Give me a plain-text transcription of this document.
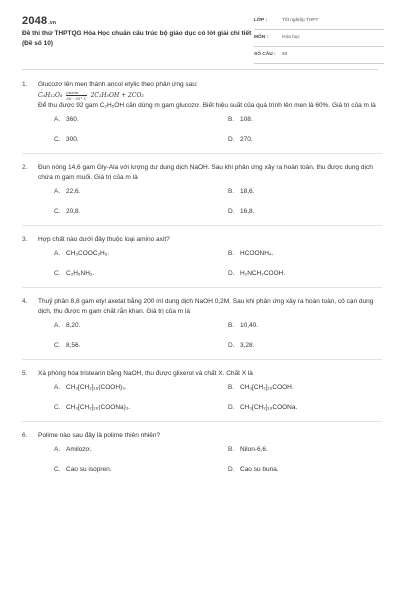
2048.vn
Đề thi thử THPTQG Hóa Học chuẩn cấu trúc bộ giáo dục có lời giải chi tiết (Đề số 10)
LỚP :	Tốt nghiệp THPT
MÔN :	Hóa học
SỐ CÂU : 40
1. Glucozơ lên men thành ancol etylic theo phản ứng sau:
C₆H₁₂O₆ enzim
30 - 35° C 2C₂H₅OH + 2CO₂
Để thu được 92 gam C₂H₅OH cần dùng m gam glucozơ. Biết hiệu suất của quá trình lên men là 60%. Giá trị của m là
A. 360.	B. 108.
C. 300.	D. 270.
2. Đun nóng 14,6 gam Gly-Ala với lượng dư dung dịch NaOH. Sau khi phản ứng xảy ra hoàn toàn, thu được dung dịch chứa m gam muối. Giá trị của m là
A. 22,6.	B. 18,6.
C. 20,8.	D. 16,8.
3. Hợp chất nào dưới đây thuộc loại amino axit?
A. CH₃COOC₂H₅.	B. HCOONH₄.
C. C₂H₅NH₂.	D. H₂NCH₂COOH.
4. Thuỷ phân 8,8 gam etyl axetat bằng 200 ml dung dịch NaOH 0,2M. Sau khi phản ứng xảy ra hoàn toàn, cô cạn dung dịch, thu được m gam chất rắn khan. Giá trị của m là
A. 8,20.	B. 10,40.
C. 8,56.	D. 3,28.
5. Xà phòng hóa tristearin bằng NaOH, thu được glixerol và chất X. Chất X là
A. CH₃[CH₂]₁₆(COOH)₃.	B. CH₃[CH₂]₁₆COOH.
C. CH₃[CH₂]₁₆(COONa)₃.	D. CH₃[CH₂]₁₆COONa.
6. Polime nào sau đây là polime thiên nhiên?
A. Amilozơ.	B. Nilon-6,6.
C. Cao su isopren.	D. Cao su buna.
